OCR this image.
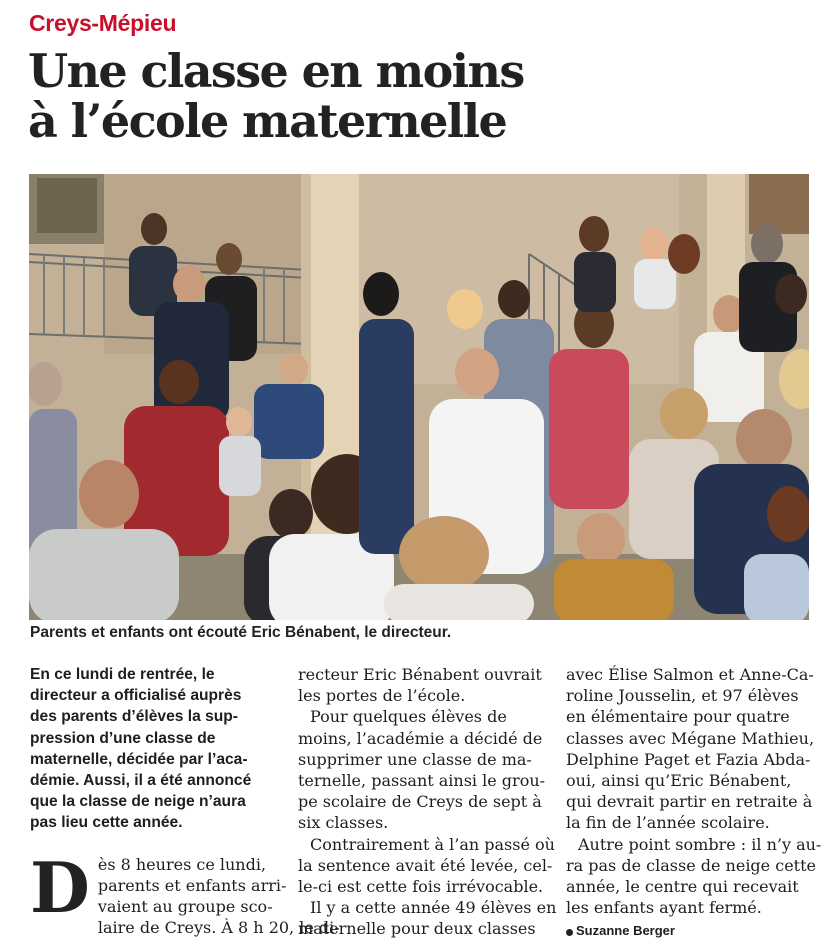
Creys-Mépieu
Une classe en moins
à l’école maternelle
Parents et enfants ont écouté Eric Bénabent, le directeur.

En ce lundi de rentrée, le
directeur a officialisé auprès
des parents d’élèves la sup-
pression d’une classe de
maternelle, décidée par l’aca-
démie. Aussi, il a été annoncé
que la classe de neige n’aura
pas lieu cette année.

D ès 8 heures ce lundi,
parents et enfants arri-
vaient au groupe sco-
laire de Creys. À 8 h 20, le di-

recteur Eric Bénabent ouvrait
les portes de l’école.

Pour quelques élèves de
moins, l’académie a décidé de
supprimer une classe de ma-
ternelle, passant ainsi le grou-
pe scolaire de Creys de sept à
six classes.

Contrairement à l’an passé où
la sentence avait été levée, cel-
le-ci est cette fois irrévocable.

Il y a cette année 49 élèves en
maternelle pour deux classes

avec Élise Salmon et Anne-Ca-
roline Jousselin, et 97 élèves
en élémentaire pour quatre
classes avec Mégane Mathieu,
Delphine Paget et Fazia Abda-
oui, ainsi qu’Eric Bénabent,
qui devrait partir en retraite à
la fin de l’année scolaire.

Autre point sombre : il n’y au-
ra pas de classe de neige cette
année, le centre qui recevait
les enfants ayant fermé.

Suzanne Berger
